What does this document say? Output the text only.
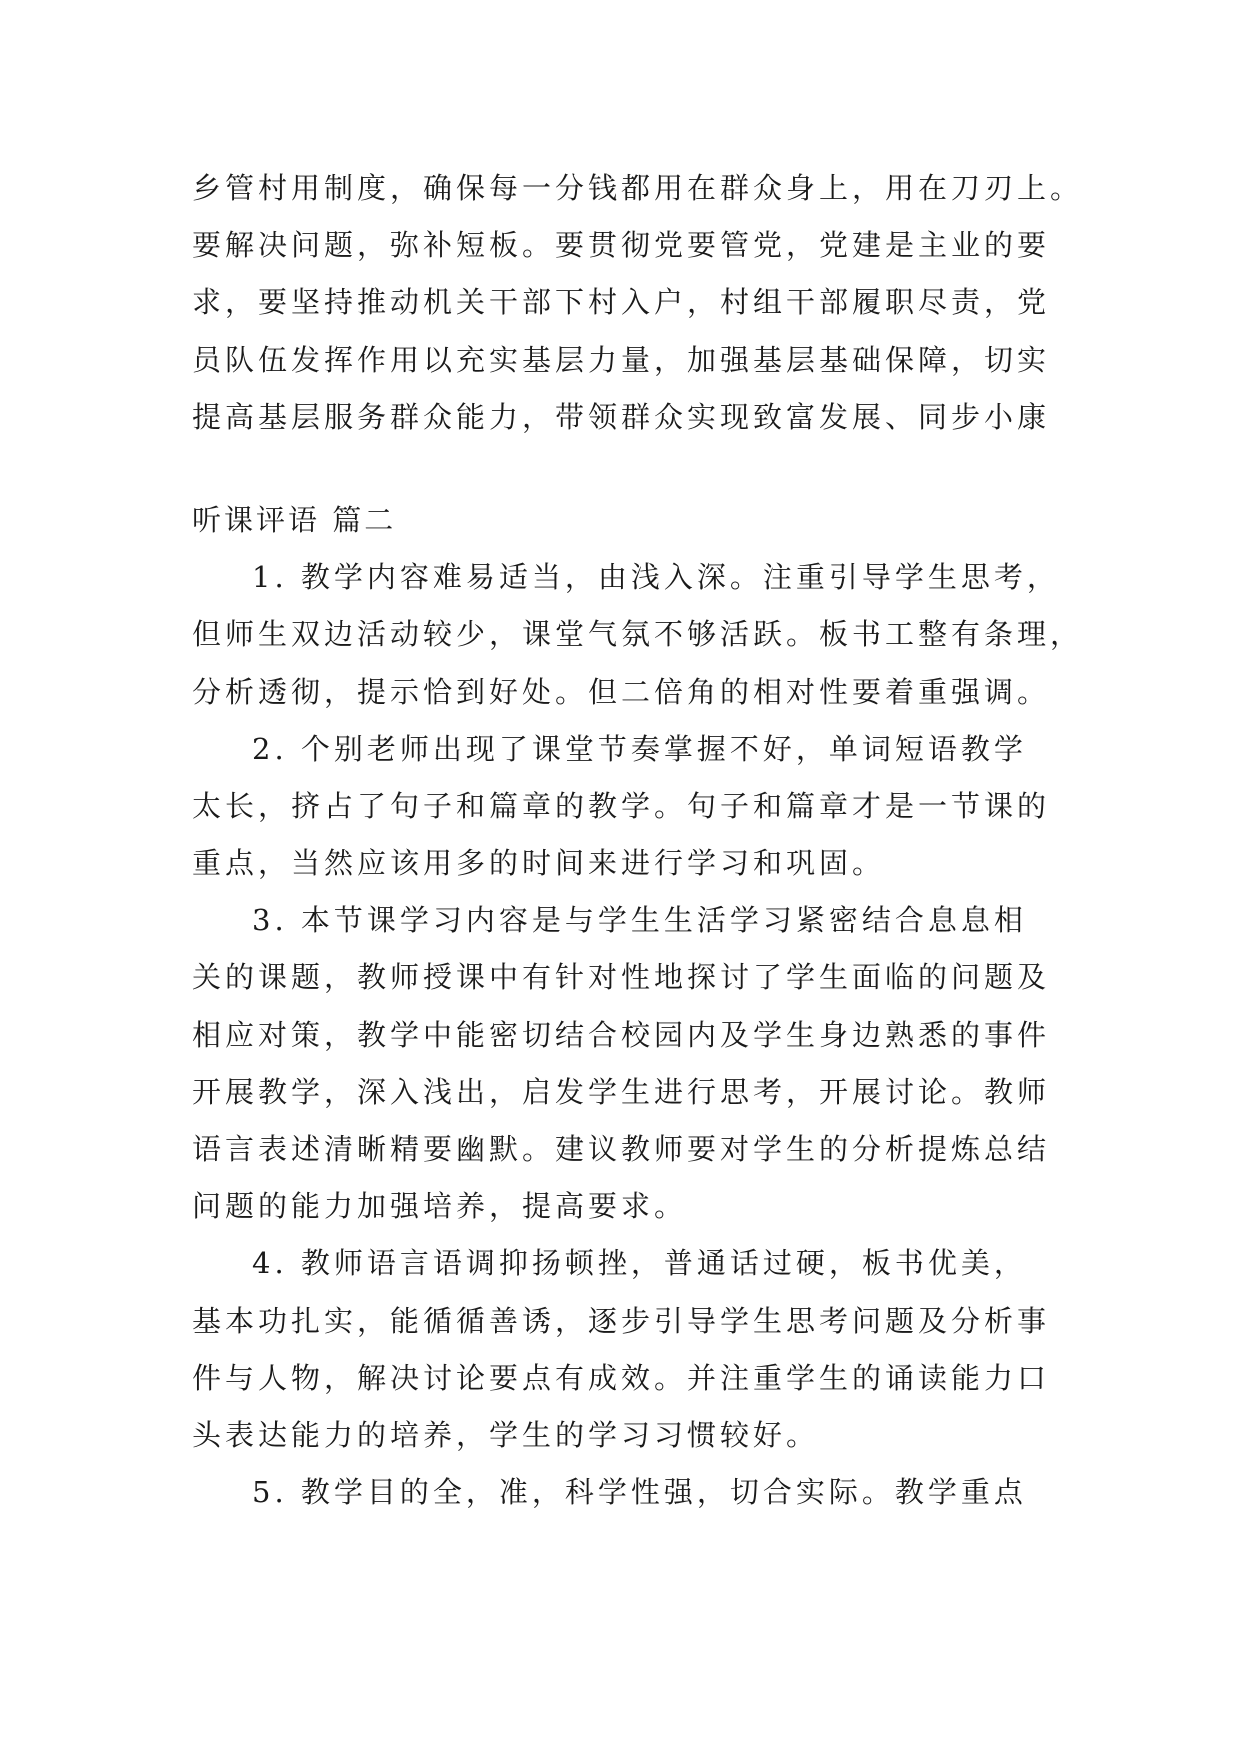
乡管村用制度，确保每一分钱都用在群众身上，用在刀刃上。
要解决问题，弥补短板。要贯彻党要管党，党建是主业的要
求，要坚持推动机关干部下村入户，村组干部履职尽责，党
员队伍发挥作用以充实基层力量，加强基层基础保障，切实
提高基层服务群众能力，带领群众实现致富发展、同步小康
听课评语 篇二
1. 教学内容难易适当，由浅入深。注重引导学生思考，
但师生双边活动较少，课堂气氛不够活跃。板书工整有条理，
分析透彻，提示恰到好处。但二倍角的相对性要着重强调。
2. 个别老师出现了课堂节奏掌握不好，单词短语教学
太长，挤占了句子和篇章的教学。句子和篇章才是一节课的
重点，当然应该用多的时间来进行学习和巩固。
3. 本节课学习内容是与学生生活学习紧密结合息息相
关的课题，教师授课中有针对性地探讨了学生面临的问题及
相应对策，教学中能密切结合校园内及学生身边熟悉的事件
开展教学，深入浅出，启发学生进行思考，开展讨论。教师
语言表述清晰精要幽默。建议教师要对学生的分析提炼总结
问题的能力加强培养，提高要求。
4. 教师语言语调抑扬顿挫，普通话过硬，板书优美，
基本功扎实，能循循善诱，逐步引导学生思考问题及分析事
件与人物，解决讨论要点有成效。并注重学生的诵读能力口
头表达能力的培养，学生的学习习惯较好。
5. 教学目的全，准，科学性强，切合实际。教学重点
